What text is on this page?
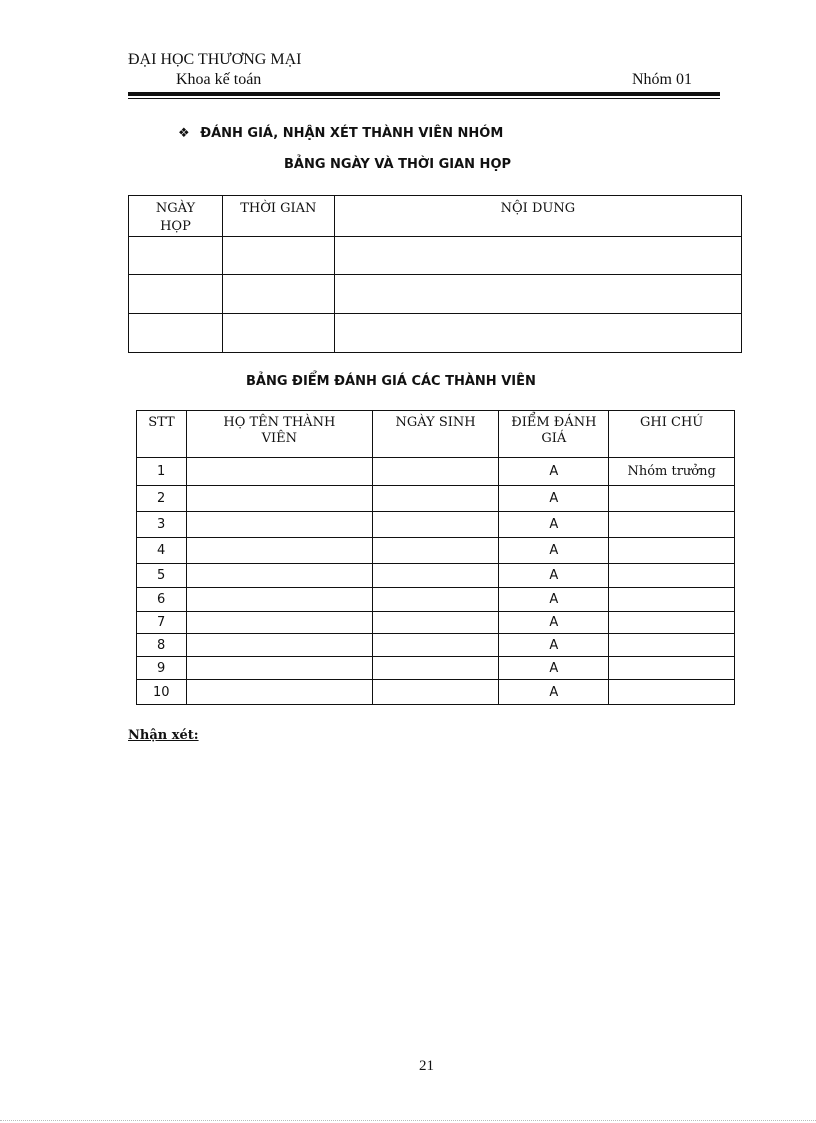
ĐẠI HỌC THƯƠNG MẠI
Khoa kế toán	Nhóm 01
❖ ĐÁNH GIÁ, NHẬN XÉT THÀNH VIÊN NHÓM
BẢNG NGÀY VÀ THỜI GIAN HỌP
NGÀY HỌP	THỜI GIAN	NỘI DUNG

BẢNG ĐIỂM ĐÁNH GIÁ CÁC THÀNH VIÊN
STT	HỌ TÊN THÀNH VIÊN	NGÀY SINH	ĐIỂM ĐÁNH GIÁ	GHI CHÚ
1			A	Nhóm trưởng
2			A	
3			A	
4			A	
5			A	
6			A	
7			A	
8			A	
9			A	
10			A	
Nhận xét:
21
